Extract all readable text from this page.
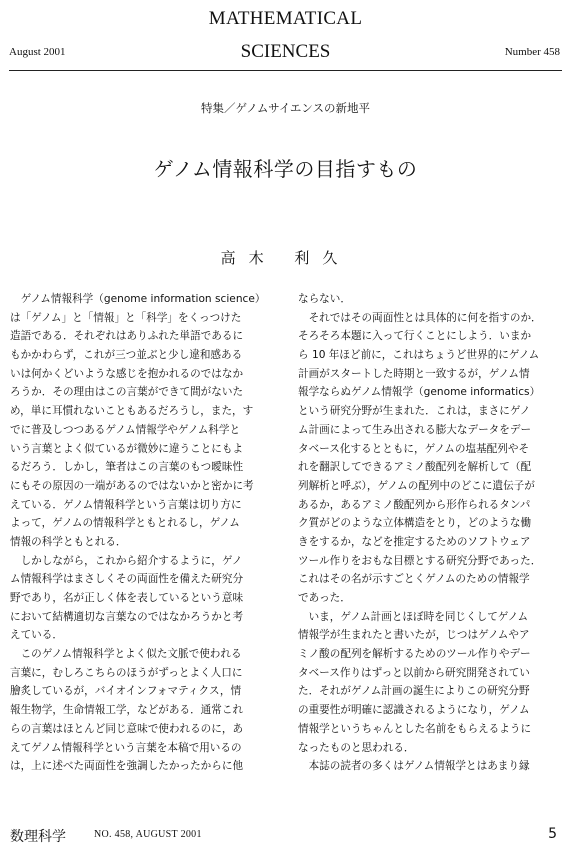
August 2001
MATHEMATICAL
SCIENCES	Number 458
特集／ゲノムサイエンスの新地平
ゲノム情報科学の目指すもの
高木 利久
　ゲノム情報科学（genome information science）
は「ゲノム」と「情報」と「科学」をくっつけた
造語である．それぞれはありふれた単語であるに
もかかわらず，これが三つ並ぶと少し違和感ある
いは何かくどいような感じを抱かれるのではなか
ろうか．その理由はこの言葉ができて間がないた
め，単に耳慣れないこともあるだろうし，また，す
でに普及しつつあるゲノム情報学やゲノム科学と
いう言葉とよく似ているが微妙に違うことにもよ
るだろう．しかし，筆者はこの言葉のもつ曖昧性
にもその原因の一端があるのではないかと密かに考
えている．ゲノム情報科学という言葉は切り方に
よって，ゲノムの情報科学ともとれるし，ゲノム
情報の科学ともとれる．
　しかしながら，これから紹介するように，ゲノ
ム情報科学はまさしくその両面性を備えた研究分
野であり，名が正しく体を表しているという意味
において結構適切な言葉なのではなかろうかと考
えている．
　このゲノム情報科学とよく似た文脈で使われる
言葉に，むしろこちらのほうがずっとよく人口に
膾炙しているが，バイオインフォマティクス，情
報生物学，生命情報工学，などがある．通常これ
らの言葉はほとんど同じ意味で使われるのに，あ
えてゲノム情報科学という言葉を本稿で用いるの
は，上に述べた両面性を強調したかったからに他
ならない．
　それではその両面性とは具体的に何を指すのか．
そろそろ本題に入って行くことにしよう．いまか
ら 10 年ほど前に，これはちょうど世界的にゲノム
計画がスタートした時期と一致するが，ゲノム情
報学ならぬゲノム情報学（genome informatics）
という研究分野が生まれた．これは，まさにゲノ
ム計画によって生み出される膨大なデータをデー
タベース化するとともに，ゲノムの塩基配列やそ
れを翻訳してできるアミノ酸配列を解析して（配
列解析と呼ぶ），ゲノムの配列中のどこに遺伝子が
あるか，あるアミノ酸配列から形作られるタンパ
ク質がどのような立体構造をとり，どのような働
きをするか，などを推定するためのソフトウェア
ツール作りをおもな目標とする研究分野であった．
これはその名が示すごとくゲノムのための情報学
であった．
　いま，ゲノム計画とほぼ時を同じくしてゲノム
情報学が生まれたと書いたが，じつはゲノムやア
ミノ酸の配列を解析するためのツール作りやデー
タベース作りはずっと以前から研究開発されてい
た．それがゲノム計画の誕生によりこの研究分野
の重要性が明確に認識されるようになり，ゲノム
情報学というちゃんとした名前をもらえるように
なったものと思われる．
　本誌の読者の多くはゲノム情報学とはあまり縁
数理科学	NO. 458, AUGUST 2001	5
